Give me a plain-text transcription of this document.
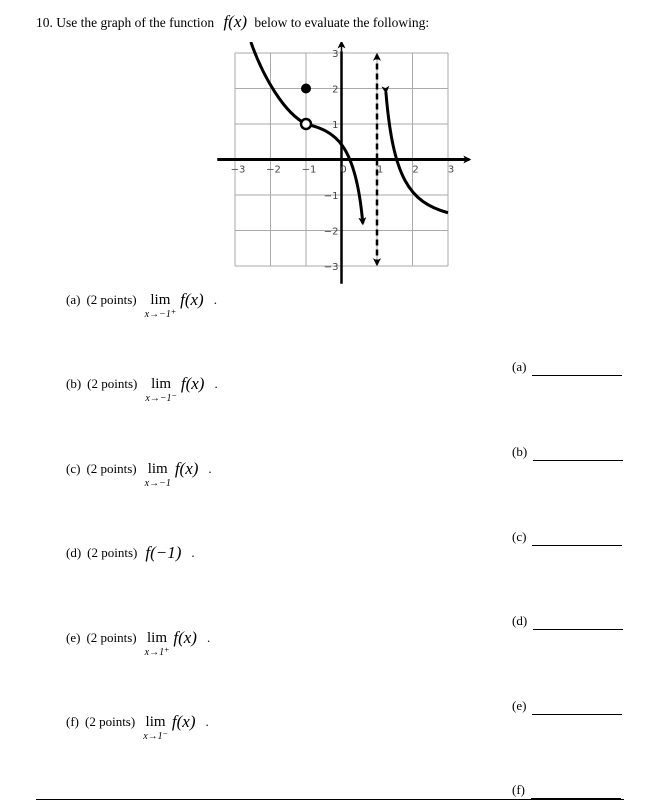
10. Use the graph of the function f(x) below to evaluate the following:
−3 −2 −1 0	1	2	3
3
2
1
−1
−2
−3
(a) (2 points) lim
x→−1⁺
f(x) .
(b) (2 points) lim
x→−1⁻
f(x) .
(c) (2 points) lim
x→−1
f(x) .
(d) (2 points) f(−1) .
(e) (2 points) lim
x→1⁺
f(x) .
(f) (2 points) lim
x→1⁻
f(x) .
(a)
(b)
(c)
(d)
(e)
(f)
